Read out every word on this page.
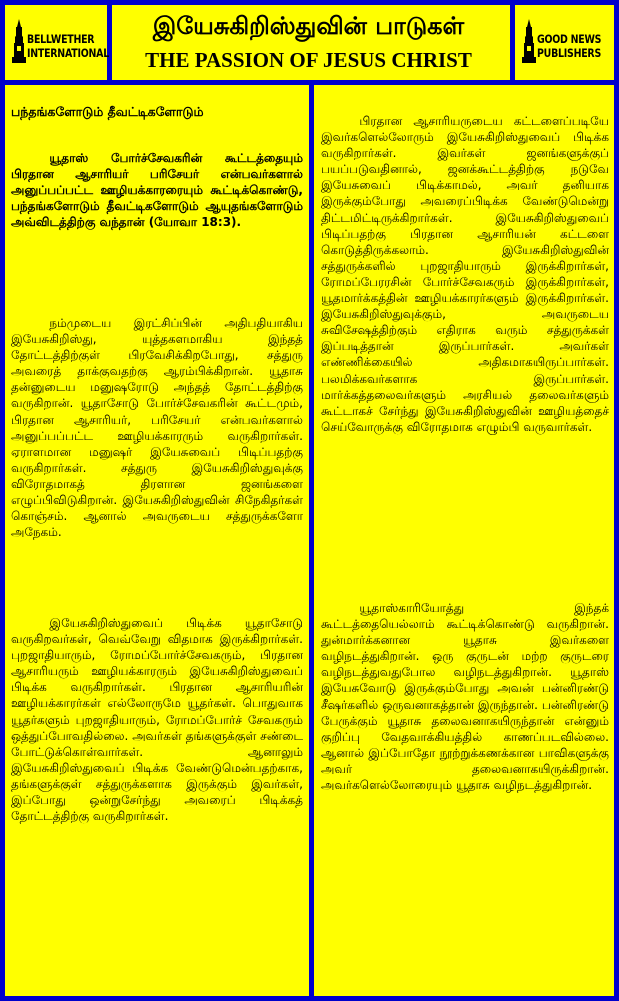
BELLWETHER
INTERNATIONAL
இயேசுகிறிஸ்துவின் பாடுகள்
THE PASSION OF JESUS CHRIST
GOOD NEWS
PUBLISHERS

பந்தங்களோடும் தீவட்டிகளோடும்

யூதாஸ் போர்ச்சேவகரின் கூட்டத்தையும் பிரதான ஆசாரியர் பரிசேயர் என்பவர்களால் அனுப்பப்பட்ட ஊழியக்காரரையும் கூட்டிக்கொண்டு, பந்தங்களோடும் தீவட்டிகளோடும் ஆயுதங்களோடும் அவ்விடத்திற்கு வந்தான் (யோவா 18:3).

நம்முடைய இரட்சிப்பின் அதிபதியாகிய இயேசுகிறிஸ்து, யுத்தகளமாகிய இந்தத் தோட்டத்திற்குள் பிரவேசிக்கிறபோது, சத்துரு அவரைத் தாக்குவதற்கு ஆரம்பிக்கிறான். யூதாசு தன்னுடைய மனுஷரோடு அந்தத் தோட்டத்திற்கு வருகிறான். யூதாசோடு போர்ச்சேவகரின் கூட்டமும், பிரதான ஆசாரியர், பரிசேயர் என்பவர்களால் அனுப்பப்பட்ட ஊழியக்காரரும் வருகிறார்கள். ஏராளமான மனுஷர் இயேசுவைப் பிடிப்பதற்கு வருகிறார்கள். சத்துரு இயேசுகிறிஸ்துவுக்கு விரோதமாகத் திரளான ஜனங்களை எழுப்பிவிடுகிறான். இயேசுகிறிஸ்துவின் சிநேகிதர்கள் கொஞ்சம். ஆனால் அவருடைய சத்துருக்களோ அநேகம்.

இயேசுகிறிஸ்துவைப் பிடிக்க யூதாசோடு வருகிறவர்கள், வெவ்வேறு விதமாக இருக்கிறார்கள். புறஜாதியாரும், ரோமப்போர்ச்சேவகரும், பிரதான ஆசாரியரும் ஊழியக்காரரும் இயேசுகிறிஸ்துவைப் பிடிக்க வருகிறார்கள். பிரதான ஆசாரியரின் ஊழியக்காரர்கள் எல்லோருமே யூதர்கள். பொதுவாக யூதர்களும் புறஜாதியாரும், ரோமப்போர்ச் சேவகரும் ஒத்துப்போவதில்லை. அவர்கள் தங்களுக்குள் சண்டை போட்டுக்கொள்வார்கள். ஆனாலும் இயேசுகிறிஸ்துவைப் பிடிக்க வேண்டுமென்பதற்காக, தங்களுக்குள் சத்துருக்களாக இருக்கும் இவர்கள், இப்போது ஒன்றுசேர்ந்து அவரைப் பிடிக்கத் தோட்டத்திற்கு வருகிறார்கள்.

பிரதான ஆசாரியருடைய கட்டளைப்படியே இவர்களெல்லோரும் இயேசுகிறிஸ்துவைப் பிடிக்க வருகிறார்கள். இவர்கள் ஜனங்களுக்குப் பயப்படுவதினால், ஜனக்கூட்டத்திற்கு நடுவே இயேசுவைப் பிடிக்காமல், அவர் தனியாக இருக்கும்போது அவரைப்பிடிக்க வேண்டுமென்று திட்டமிட்டிருக்கிறார்கள். இயேசுகிறிஸ்துவைப் பிடிப்பதற்கு பிரதான ஆசாரியன் கட்டளை கொடுத்திருக்கலாம். இயேசுகிறிஸ்துவின் சத்துருக்களில் புறஜாதியாரும் இருக்கிறார்கள், ரோமப்பேரரசின் போர்ச்சேவகரும் இருக்கிறார்கள், யூதமார்க்கத்தின் ஊழியக்காரர்களும் இருக்கிறார்கள். இயேசுகிறிஸ்துவுக்கும், அவருடைய சுவிசேஷத்திற்கும் எதிராக வரும் சத்துருக்கள் இப்படித்தான் இருப்பார்கள். அவர்கள் எண்ணிக்கையில் அதிகமாகயிருப்பார்கள். பலமிக்கவர்களாக இருப்பார்கள். மார்க்கத்தலைவர்களும் அரசியல் தலைவர்களும் கூட்டாகச் சேர்ந்து இயேசுகிறிஸ்துவின் ஊழியத்தைச் செய்வோருக்கு விரோதமாக எழும்பி வருவார்கள்.

யூதாஸ்காரியோத்து இந்தக் கூட்டத்தையெல்லாம் கூட்டிக்கொண்டு வருகிறான். துன்மார்க்கனான யூதாசு இவர்களை வழிநடத்துகிறான். ஒரு குருடன் மற்ற குருடரை வழிநடத்துவதுபோல வழிநடத்துகிறான். யூதாஸ் இயேசுவோடு இருக்கும்போது அவன் பன்னிரண்டு சீஷர்களில் ஒருவனாகத்தான் இருந்தான். பன்னிரண்டு பேருக்கும் யூதாசு தலைவனாகயிருந்தான் என்னும் குறிப்பு வேதவாக்கியத்தில் காணப்படவில்லை. ஆனால் இப்போதோ நூற்றுக்கணக்கான பாவிகளுக்கு அவர் தலைவனாகயிருக்கிறான். அவர்களெல்லோரையும் யூதாசு வழிநடத்துகிறான்.
